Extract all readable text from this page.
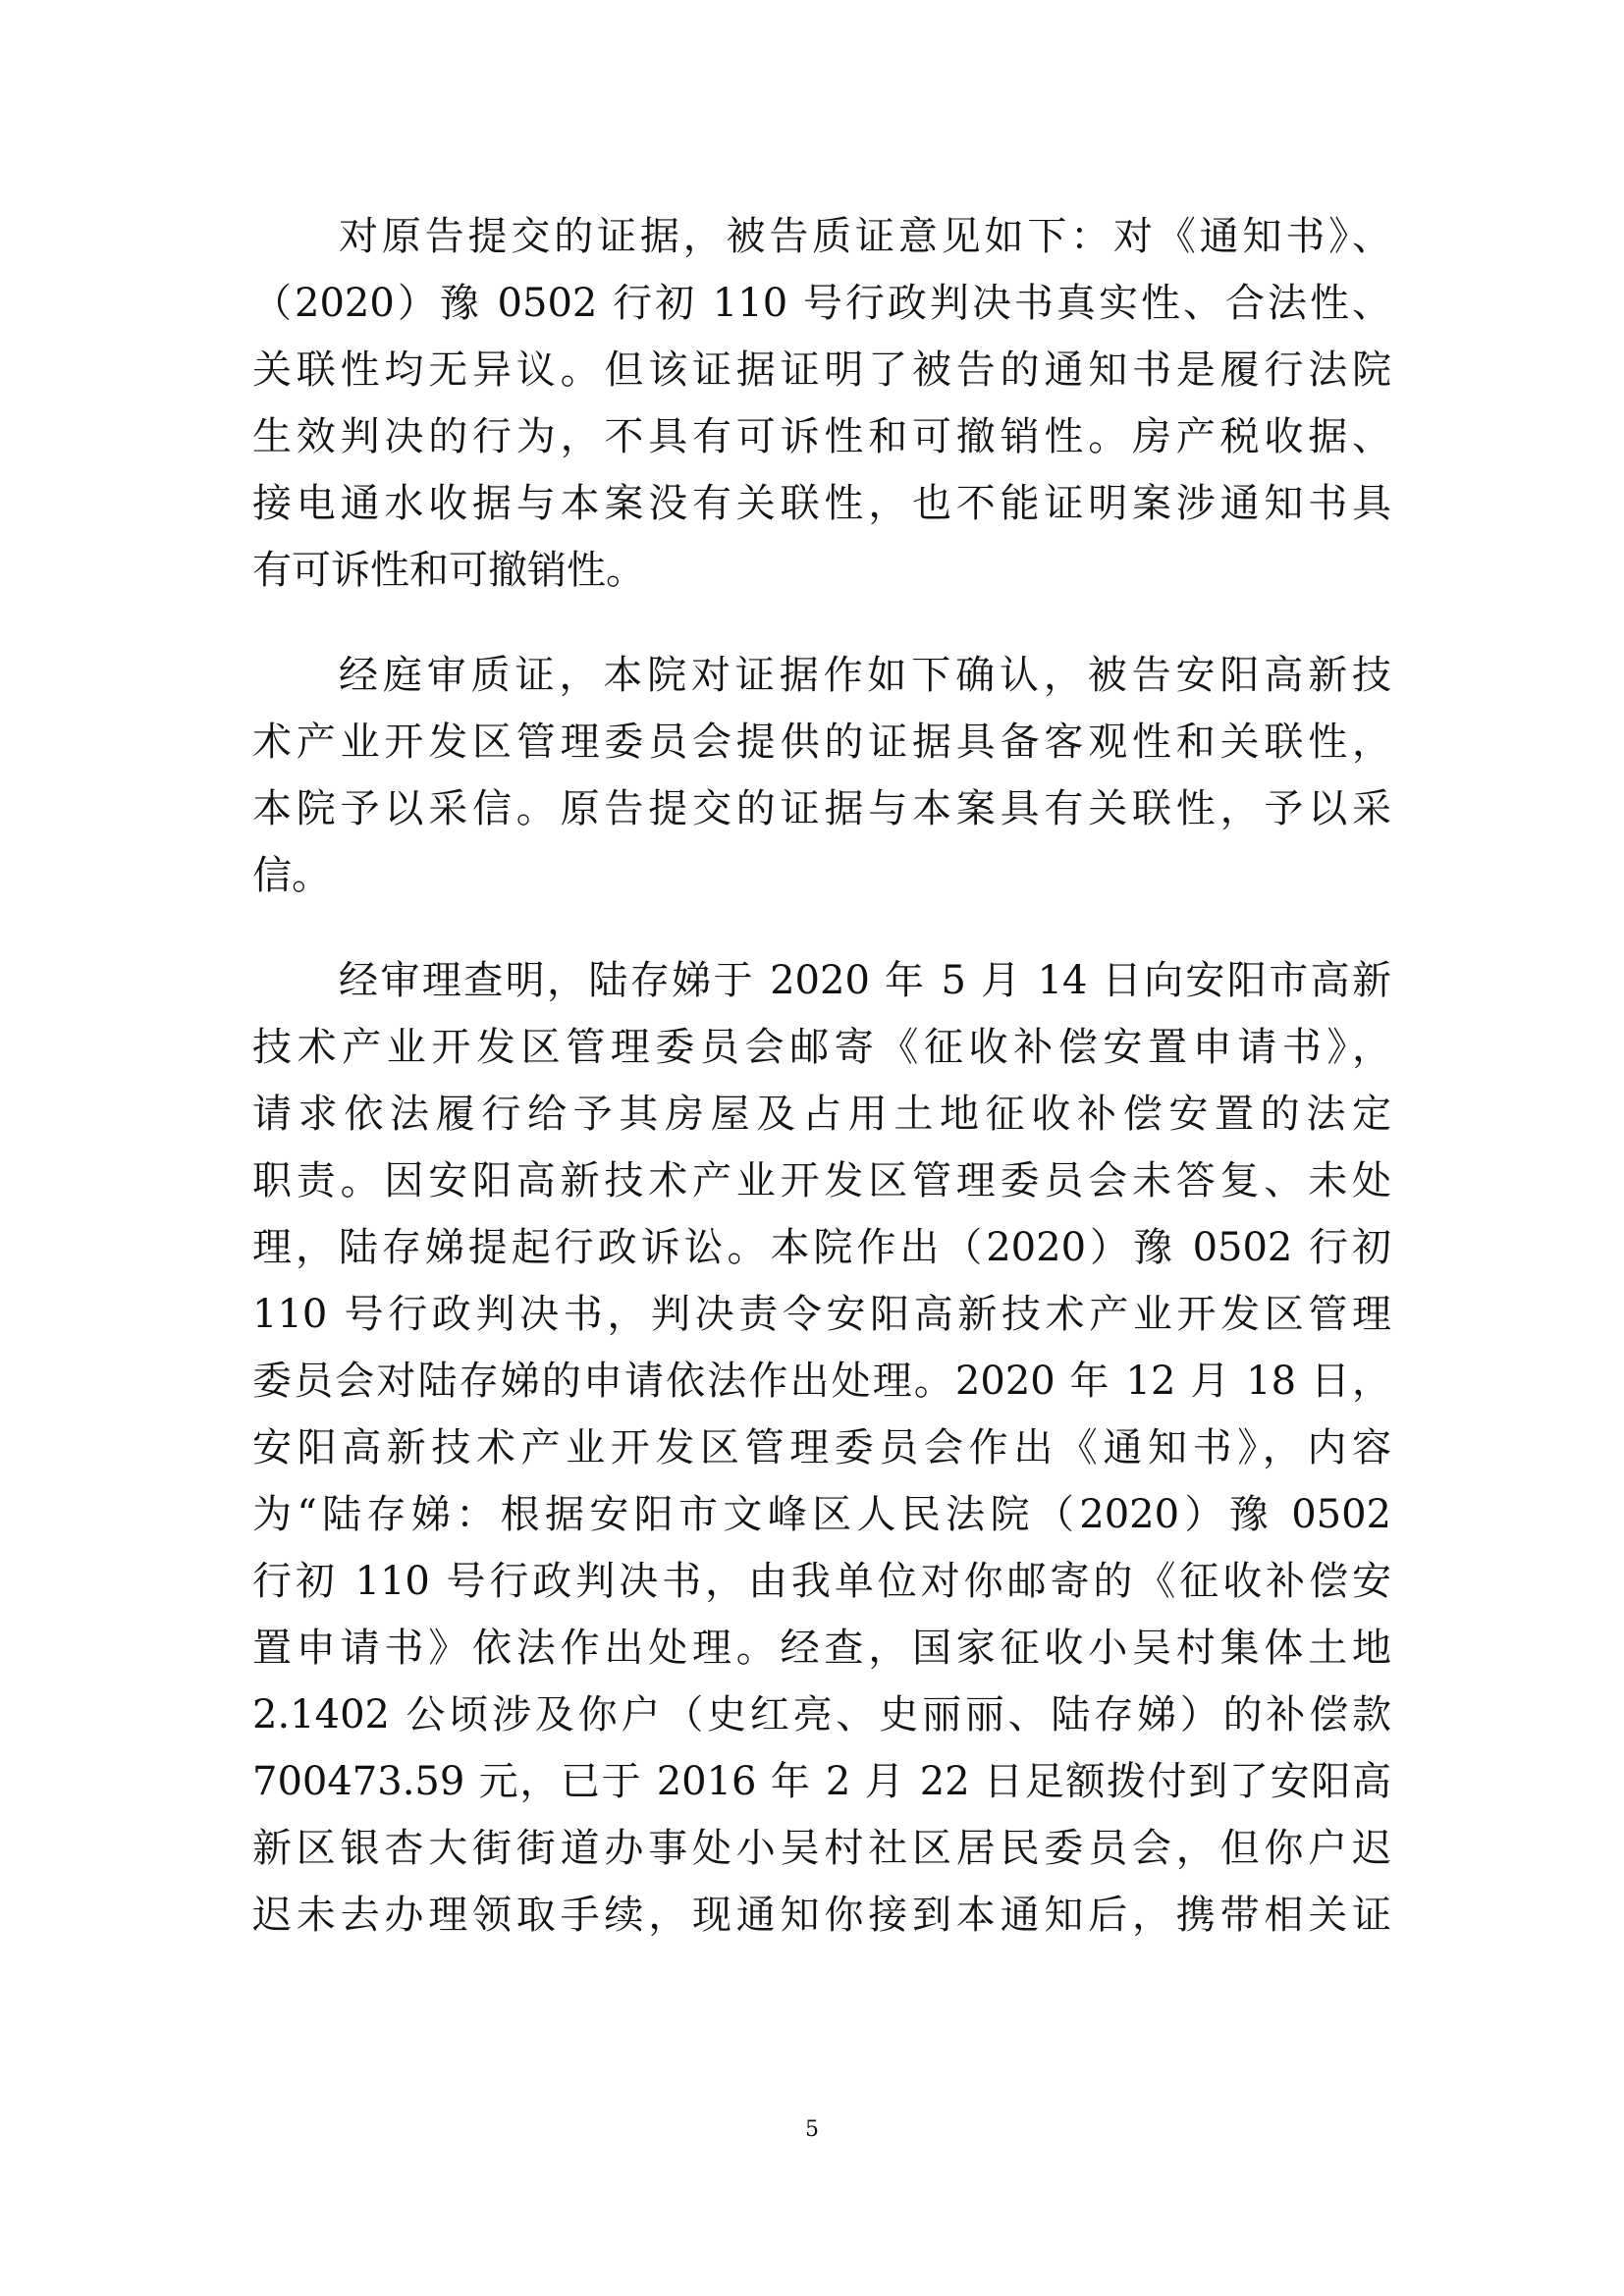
对原告提交的证据，被告质证意见如下：对《通知书》、
（2020）豫 0502 行初 110 号行政判决书真实性、合法性、
关联性均无异议。但该证据证明了被告的通知书是履行法院
生效判决的行为，不具有可诉性和可撤销性。房产税收据、
接电通水收据与本案没有关联性，也不能证明案涉通知书具
有可诉性和可撤销性。
经庭审质证，本院对证据作如下确认，被告安阳高新技
术产业开发区管理委员会提供的证据具备客观性和关联性，
本院予以采信。原告提交的证据与本案具有关联性，予以采
信。
经审理查明，陆存娣于 2020 年 5 月 14 日向安阳市高新
技术产业开发区管理委员会邮寄《征收补偿安置申请书》，
请求依法履行给予其房屋及占用土地征收补偿安置的法定
职责。因安阳高新技术产业开发区管理委员会未答复、未处
理，陆存娣提起行政诉讼。本院作出（2020）豫 0502 行初
110 号行政判决书，判决责令安阳高新技术产业开发区管理
委员会对陆存娣的申请依法作出处理。2020 年 12 月 18 日，
安阳高新技术产业开发区管理委员会作出《通知书》，内容
为“陆存娣：根据安阳市文峰区人民法院（2020）豫 0502
行初 110 号行政判决书，由我单位对你邮寄的《征收补偿安
置申请书》依法作出处理。经查，国家征收小吴村集体土地
2.1402 公顷涉及你户（史红亮、史丽丽、陆存娣）的补偿款
700473.59 元，已于 2016 年 2 月 22 日足额拨付到了安阳高
新区银杏大街街道办事处小吴村社区居民委员会，但你户迟
迟未去办理领取手续，现通知你接到本通知后，携带相关证
5
